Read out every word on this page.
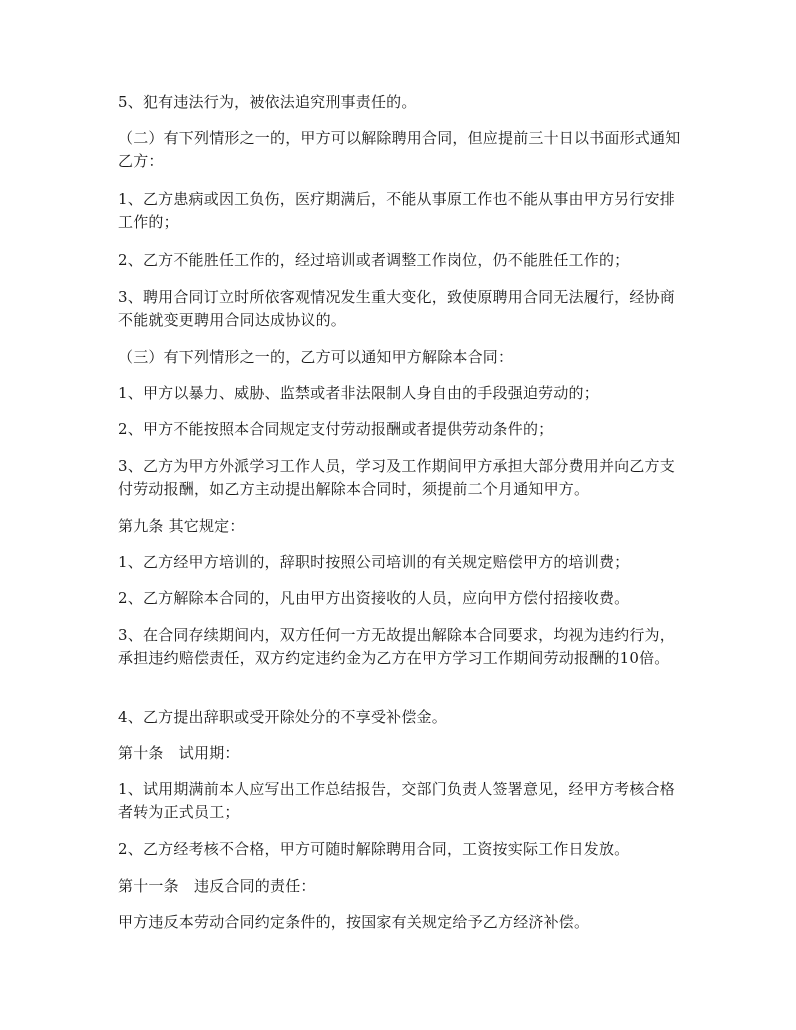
5、犯有违法行为，被依法追究刑事责任的。

（二）有下列情形之一的，甲方可以解除聘用合同，但应提前三十日以书面形式通知乙方：

1、乙方患病或因工负伤，医疗期满后，不能从事原工作也不能从事由甲方另行安排工作的；

2、乙方不能胜任工作的，经过培训或者调整工作岗位，仍不能胜任工作的；

3、聘用合同订立时所依客观情况发生重大变化，致使原聘用合同无法履行，经协商不能就变更聘用合同达成协议的。

（三）有下列情形之一的，乙方可以通知甲方解除本合同：

1、甲方以暴力、威胁、监禁或者非法限制人身自由的手段强迫劳动的；

2、甲方不能按照本合同规定支付劳动报酬或者提供劳动条件的；

3、乙方为甲方外派学习工作人员，学习及工作期间甲方承担大部分费用并向乙方支付劳动报酬，如乙方主动提出解除本合同时，须提前二个月通知甲方。

第九条 其它规定：

1、乙方经甲方培训的，辞职时按照公司培训的有关规定赔偿甲方的培训费；

2、乙方解除本合同的，凡由甲方出资接收的人员，应向甲方偿付招接收费。

3、在合同存续期间内，双方任何一方无故提出解除本合同要求，均视为违约行为，承担违约赔偿责任，双方约定违约金为乙方在甲方学习工作期间劳动报酬的10倍。

4、乙方提出辞职或受开除处分的不享受补偿金。

第十条　试用期：

1、试用期满前本人应写出工作总结报告，交部门负责人签署意见，经甲方考核合格者转为正式员工；

2、乙方经考核不合格，甲方可随时解除聘用合同，工资按实际工作日发放。

第十一条　违反合同的责任：

甲方违反本劳动合同约定条件的，按国家有关规定给予乙方经济补偿。
